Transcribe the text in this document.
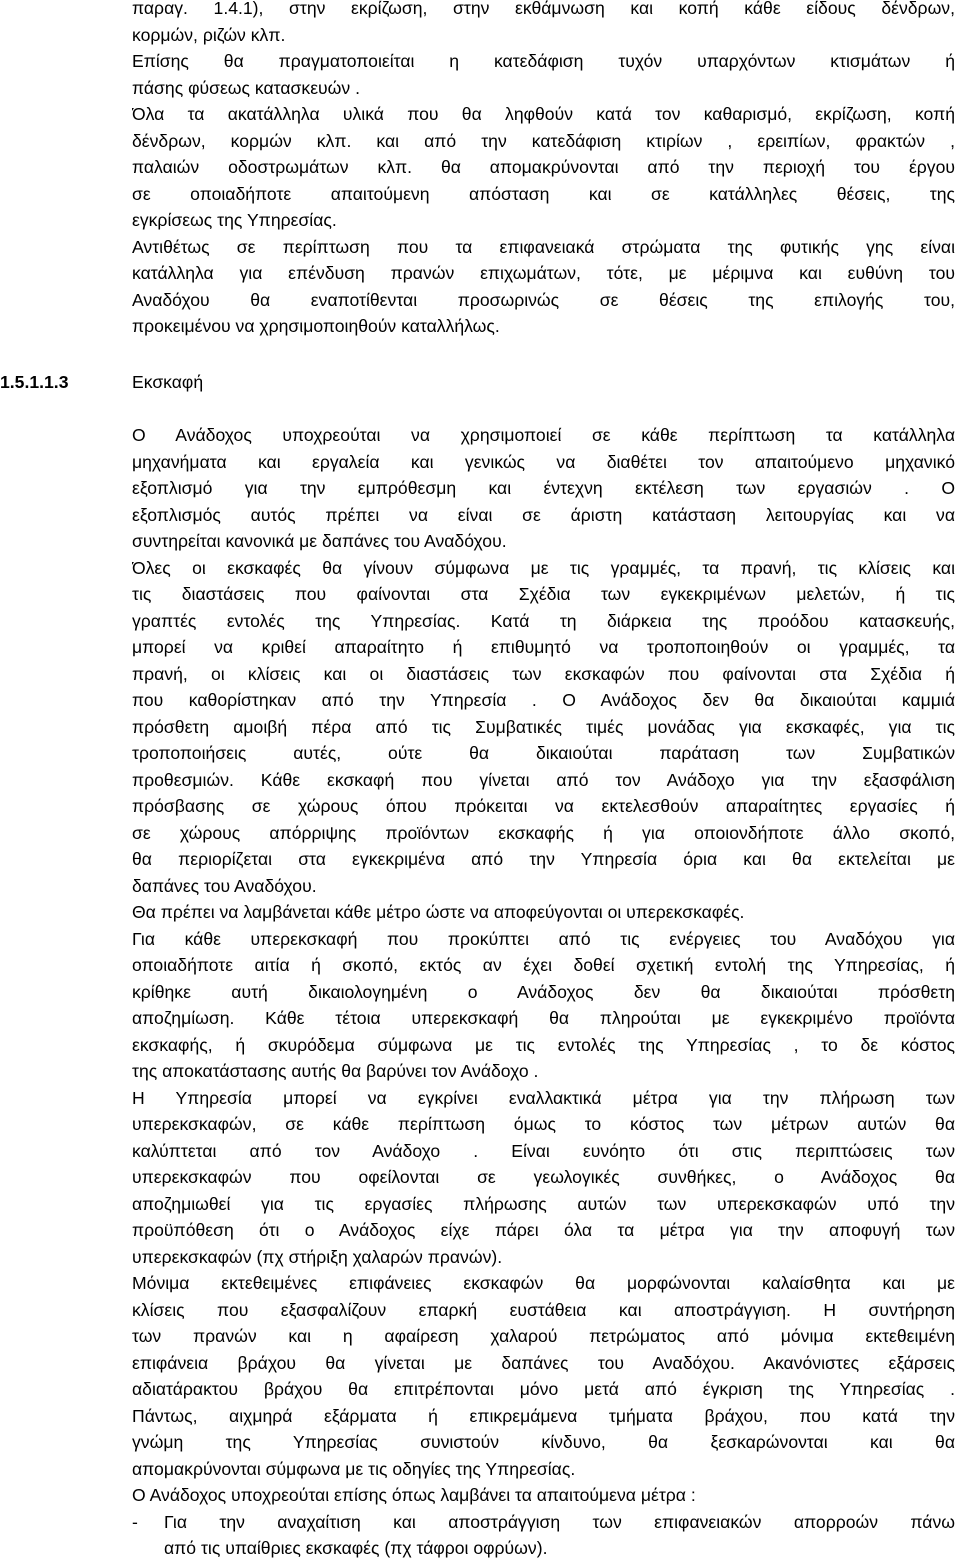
παραγ. 1.4.1), στην εκρίζωση, στην εκθάμνωση και κοπή κάθε είδους δένδρων,
κορμών, ριζών κλπ.
Επίσης θα πραγματοποιείται η κατεδάφιση τυχόν υπαρχόντων κτισμάτων ή
πάσης φύσεως κατασκευών .
Όλα τα ακατάλληλα υλικά που θα ληφθούν κατά τον καθαρισμό, εκρίζωση, κοπή
δένδρων, κορμών κλπ. και από την κατεδάφιση κτιρίων , ερειπίων, φρακτών ,
παλαιών οδοστρωμάτων κλπ. θα απομακρύνονται από την περιοχή του έργου
σε οποιαδήποτε απαιτούμενη απόσταση και σε κατάλληλες θέσεις, της
εγκρίσεως της Υπηρεσίας.
Αντιθέτως σε περίπτωση που τα επιφανειακά στρώματα της φυτικής γης είναι
κατάλληλα για επένδυση πρανών επιχωμάτων, τότε, με μέριμνα και ευθύνη του
Αναδόχου θα εναποτίθενται προσωρινώς σε θέσεις της επιλογής του,
προκειμένου να χρησιμοποιηθούν καταλλήλως.
1.5.1.1.3	Εκσκαφή
Ο Ανάδοχος υποχρεούται να χρησιμοποιεί σε κάθε περίπτωση τα κατάλληλα
μηχανήματα και εργαλεία και γενικώς να διαθέτει τον απαιτούμενο μηχανικό
εξοπλισμό για την εμπρόθεσμη και έντεχνη εκτέλεση των εργασιών . Ο
εξοπλισμός αυτός πρέπει να είναι σε άριστη κατάσταση λειτουργίας και να
συντηρείται κανονικά με δαπάνες του Αναδόχου.
Όλες οι εκσκαφές θα γίνουν σύμφωνα με τις γραμμές, τα πρανή, τις κλίσεις και
τις διαστάσεις που φαίνονται στα Σχέδια των εγκεκριμένων μελετών, ή τις
γραπτές εντολές της Υπηρεσίας. Κατά τη διάρκεια της προόδου κατασκευής,
μπορεί να κριθεί απαραίτητο ή επιθυμητό να τροποποιηθούν οι γραμμές, τα
πρανή, οι κλίσεις και οι διαστάσεις των εκσκαφών που φαίνονται στα Σχέδια ή
που καθορίστηκαν από την Υπηρεσία . Ο Ανάδοχος δεν θα δικαιούται καμμιά
πρόσθετη αμοιβή πέρα από τις Συμβατικές τιμές μονάδας για εκσκαφές, για τις
τροποποιήσεις αυτές, ούτε θα δικαιούται παράταση των Συμβατικών
προθεσμιών. Κάθε εκσκαφή που γίνεται από τον Ανάδοχο για την εξασφάλιση
πρόσβασης σε χώρους όπου πρόκειται να εκτελεσθούν απαραίτητες εργασίες ή
σε χώρους απόρριψης προϊόντων εκσκαφής ή για οποιονδήποτε άλλο σκοπό,
θα περιορίζεται στα εγκεκριμένα από την Υπηρεσία όρια και θα εκτελείται με
δαπάνες του Αναδόχου.
Θα πρέπει να λαμβάνεται κάθε μέτρο ώστε να αποφεύγονται οι υπερεκσκαφές.
Για κάθε υπερεκσκαφή που προκύπτει από τις ενέργειες του Αναδόχου για
οποιαδήποτε αιτία ή σκοπό, εκτός αν έχει δοθεί σχετική εντολή της Υπηρεσίας, ή
κρίθηκε αυτή δικαιολογημένη ο Ανάδοχος δεν θα δικαιούται πρόσθετη
αποζημίωση. Κάθε τέτοια υπερεκσκαφή θα πληρούται με εγκεκριμένο προϊόντα
εκσκαφής, ή σκυρόδεμα σύμφωνα με τις εντολές της Υπηρεσίας , το δε κόστος
της αποκατάστασης αυτής θα βαρύνει τον Ανάδοχο .
Η Υπηρεσία μπορεί να εγκρίνει εναλλακτικά μέτρα για την πλήρωση των
υπερεκσκαφών, σε κάθε περίπτωση όμως το κόστος των μέτρων αυτών θα
καλύπτεται από τον Ανάδοχο . Είναι ευνόητο ότι στις περιπτώσεις των
υπερεκσκαφών που οφείλονται σε γεωλογικές συνθήκες, ο Ανάδοχος θα
αποζημιωθεί για τις εργασίες πλήρωσης αυτών των υπερεκσκαφών υπό την
προϋπόθεση ότι ο Ανάδοχος είχε πάρει όλα τα μέτρα για την αποφυγή των
υπερεκσκαφών (πχ στήριξη χαλαρών πρανών).
Μόνιμα εκτεθειμένες επιφάνειες εκσκαφών θα μορφώνονται καλαίσθητα και με
κλίσεις που εξασφαλίζουν επαρκή ευστάθεια και αποστράγγιση. Η συντήρηση
των πρανών και η αφαίρεση χαλαρού πετρώματος από μόνιμα εκτεθειμένη
επιφάνεια βράχου θα γίνεται με δαπάνες του Αναδόχου. Ακανόνιστες εξάρσεις
αδιατάρακτου βράχου θα επιτρέπονται μόνο μετά από έγκριση της Υπηρεσίας .
Πάντως, αιχμηρά εξάρματα ή επικρεμάμενα τμήματα βράχου, που κατά την
γνώμη της Υπηρεσίας συνιστούν κίνδυνο, θα ξεσκαρώνονται και θα
απομακρύνονται σύμφωνα με τις οδηγίες της Υπηρεσίας.
Ο Ανάδοχος υποχρεούται επίσης όπως λαμβάνει τα απαιτούμενα μέτρα :
- Για την αναχαίτιση και αποστράγγιση των επιφανειακών απορροών πάνω
από τις υπαίθριες εκσκαφές (πχ τάφροι οφρύων).
